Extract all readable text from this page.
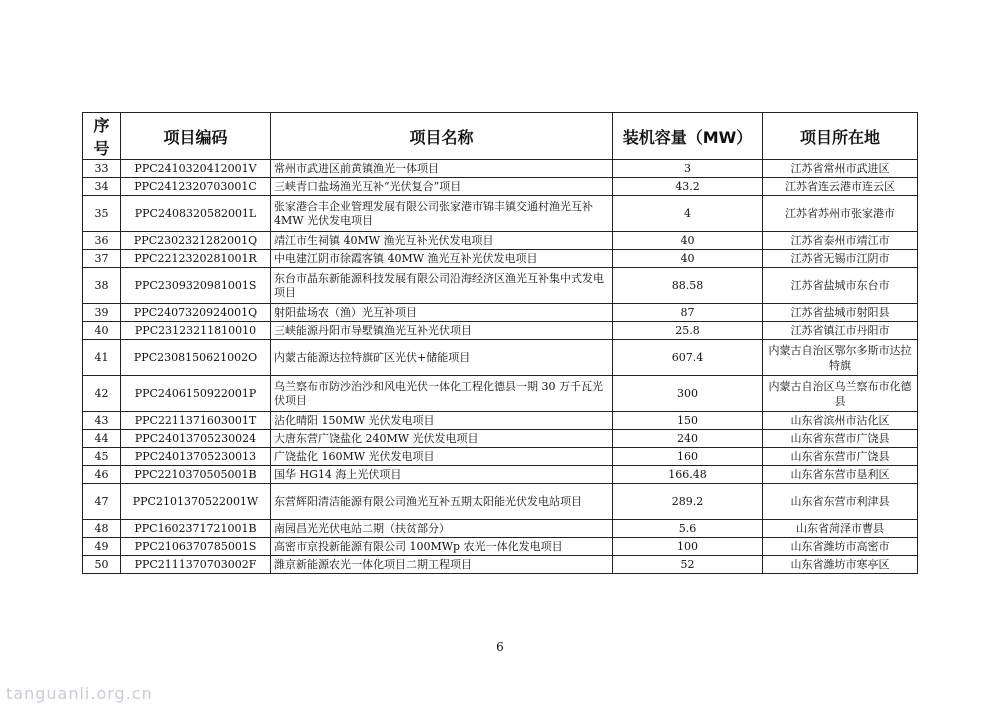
序号	项目编码	项目名称	装机容量（MW）	项目所在地
33	PPC2410320412001V	常州市武进区前黄镇渔光一体项目	3	江苏省常州市武进区
34	PPC2412320703001C	三峡青口盐场渔光互补“光伏复合”项目	43.2	江苏省连云港市连云区
35	PPC2408320582001L	张家港合丰企业管理发展有限公司张家港市锦丰镇交通村渔光互补 4MW 光伏发电项目	4	江苏省苏州市张家港市
36	PPC2302321282001Q	靖江市生祠镇 40MW 渔光互补光伏发电项目	40	江苏省泰州市靖江市
37	PPC2212320281001R	中电建江阴市徐霞客镇 40MW 渔光互补光伏发电项目	40	江苏省无锡市江阴市
38	PPC2309320981001S	东台市晶东新能源科技发展有限公司沿海经济区渔光互补集中式发电项目	88.58	江苏省盐城市东台市
39	PPC2407320924001Q	射阳盐场农（渔）光互补项目	87	江苏省盐城市射阳县
40	PPC23123211810010	三峡能源丹阳市导墅镇渔光互补光伏项目	25.8	江苏省镇江市丹阳市
41	PPC2308150621002O	内蒙古能源达拉特旗矿区光伏+储能项目	607.4	内蒙古自治区鄂尔多斯市达拉特旗
42	PPC2406150922001P	乌兰察布市防沙治沙和风电光伏一体化工程化德县一期 30 万千瓦光伏项目	300	内蒙古自治区乌兰察布市化德县
43	PPC2211371603001T	沾化晴阳 150MW 光伏发电项目	150	山东省滨州市沾化区
44	PPC24013705230024	大唐东营广饶盐化 240MW 光伏发电项目	240	山东省东营市广饶县
45	PPC24013705230013	广饶盐化 160MW 光伏发电项目	160	山东省东营市广饶县
46	PPC2210370505001B	国华 HG14 海上光伏项目	166.48	山东省东营市垦利区
47	PPC2101370522001W	东营辉阳清洁能源有限公司渔光互补五期太阳能光伏发电站项目	289.2	山东省东营市利津县
48	PPC1602371721001B	南园昌光光伏电站二期（扶贫部分）	5.6	山东省菏泽市曹县
49	PPC2106370785001S	高密市京投新能源有限公司 100MWp 农光一体化发电项目	100	山东省潍坊市高密市
50	PPC2111370703002F	潍京新能源农光一体化项目二期工程项目	52	山东省潍坊市寒亭区
6
tanguanli.org.cn
